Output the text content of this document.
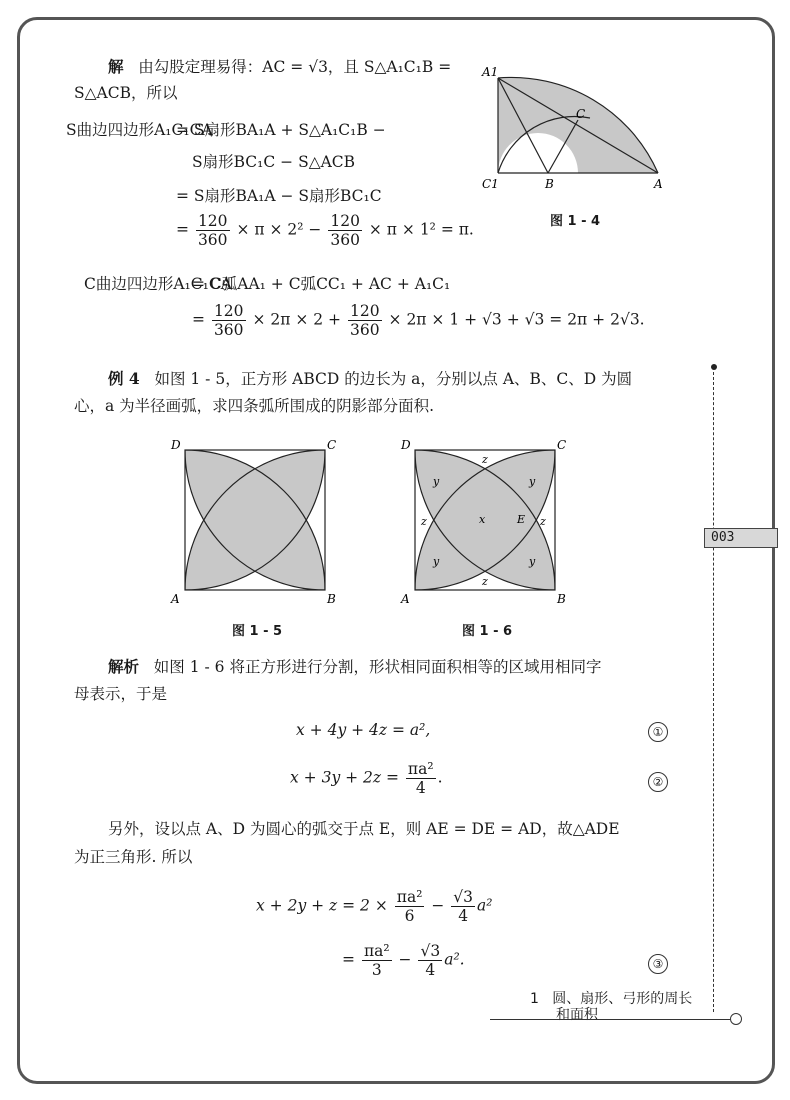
解 由勾股定理易得：AC = √3，且 S△A₁C₁B =
S△ACB，所以
S曲边四边形A₁C₁CA
= S扇形BA₁A + S△A₁C₁B −
S扇形BC₁C − S△ACB
= S扇形BA₁A − S扇形BC₁C
= $\frac{120}{360} \times \pi \times 2^2 - \frac{120}{360} \times \pi \times 1^2 = \pi$.
A1
C
C1	B	A
图 1 - 4
C曲边四边形A₁C₁CA
= C弧AA₁ + C弧CC₁ + AC + A₁C₁
= $\frac{120}{360} \times 2\pi \times 2 + \frac{120}{360} \times 2\pi \times 1 + √3 + √3 = 2\pi + 2√3$.
例 4 如图 1 - 5，正方形 ABCD 的边长为 a，分别以点 A、B、C、D 为圆
心，a 为半径画弧，求四条弧所围成的阴影部分面积.
D	C
A	B
图 1 - 5
D	C
A	B
y	y
y	y
z
z
z	z
x	E
图 1 - 6
解析 如图 1 - 6 将正方形进行分割，形状相同面积相等的区域用相同字
母表示，于是
x + 4y + 4z = a²,	①
$x + 3y + 2z = \frac{\text{πa²}}{4}$ .	②
另外，设以点 A、D 为圆心的弧交于点 E，则 AE = DE = AD，故△ADE
为正三角形. 所以
$x + 2y + z = 2 \times \frac{\text{πa²}}{6} - \frac{√3}{4} a^2$
= $\frac{\text{πa²}}{3} - \frac{√3}{4} a^2$.	③
003
1 圆、扇形、弓形的周长
和面积
